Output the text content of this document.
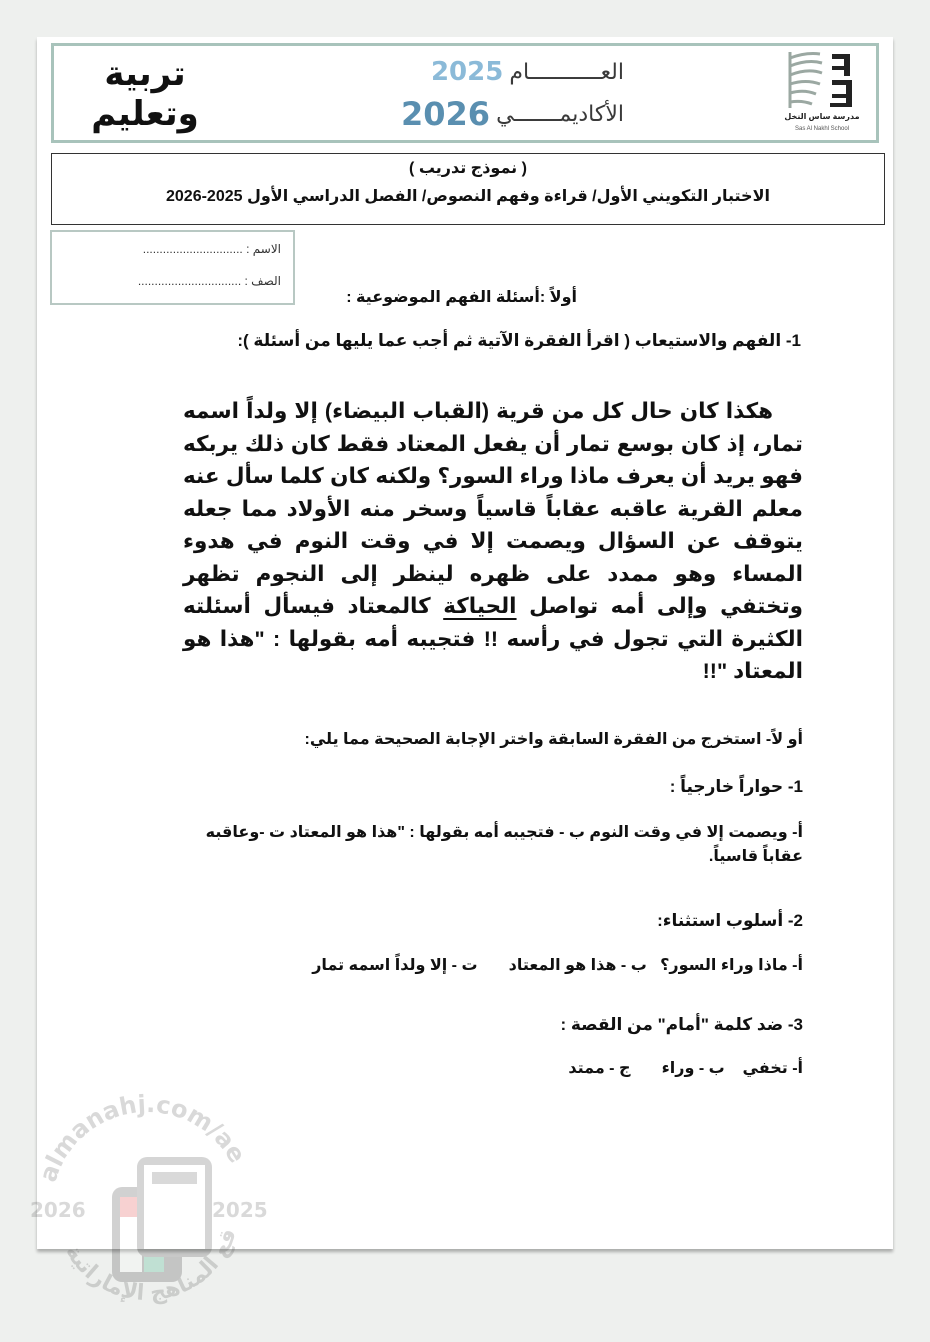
تربية
وتعليم
2025 العـــــــــــام
2026 الأكاديمـــــــي	مدرسة ساس النخل
Sas Al Nakhl School
( نموذج تدريب )
الاختبار التكويني الأول/ قراءة وفهم النصوص/ الفصل الدراسي الأول 2025-2026
الاسم : ..............................
الصف : ...............................
أولاً :أسئلة الفهم الموضوعية :
1- الفهم والاستيعاب ( اقرأ الفقرة الآتية ثم أجب عما يليها من أسئلة ):

هكذا كان حال كل من قرية (القباب البيضاء) إلا ولداً اسمه تمار، إذ كان بوسع تمار أن يفعل المعتاد فقط كان ذلك يربكه فهو يريد أن يعرف ماذا وراء السور؟ ولكنه كان كلما سأل عنه معلم القرية عاقبه عقاباً قاسياً وسخر منه الأولاد مما جعله يتوقف عن السؤال ويصمت إلا في وقت النوم في هدوء المساء وهو ممدد على ظهره لينظر إلى النجوم تظهر وتختفي وإلى أمه تواصل الحياكة كالمعتاد فيسأل أسئلته الكثيرة التي تجول في رأسه !! فتجيبه أمه بقولها : "هذا هو المعتاد "!!

أو لاً- استخرج من الفقرة السابقة واختر الإجابة الصحيحة مما يلي:
1- حواراً خارجياً :
أ- ويصمت إلا في وقت النوم ب - فتجيبه أمه بقولها : "هذا هو المعتاد ت -وعاقبه عقاباً قاسياً.
2- أسلوب استثناء:
أ- ماذا وراء السور؟   ب - هذا هو المعتاد       ت - إلا ولداً اسمه تمار
3- ضد كلمة "أمام" من القصة :
أ- تخفي    ب - وراء       ج - ممتد
almanahj.com/ae
قع المناهج الإماراتية
2026	2025
